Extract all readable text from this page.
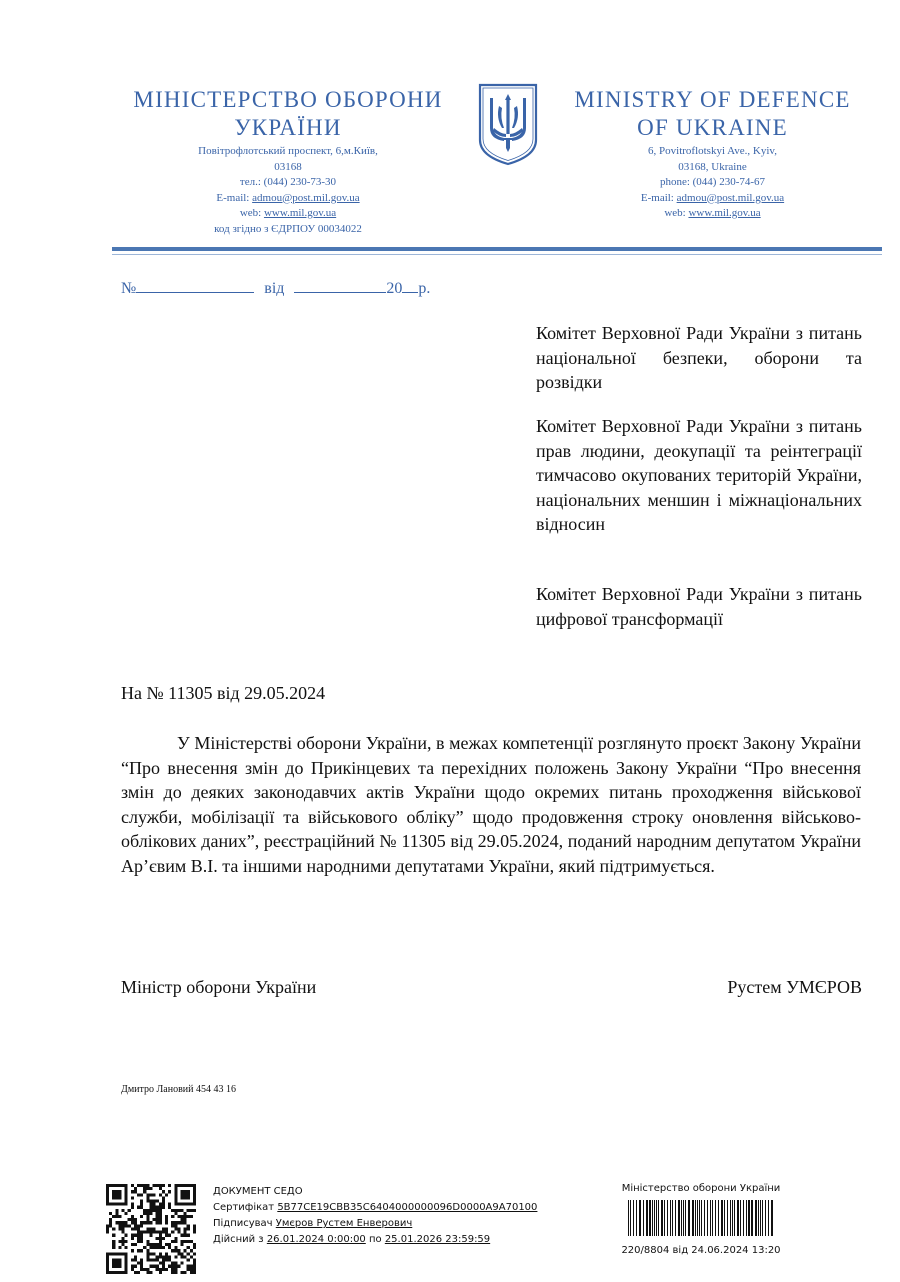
МІНІСТЕРСТВО ОБОРОНИ
УКРАЇНИ
Повітрофлотський проспект, 6,м.Київ,
03168
тел.: (044) 230-73-30
E-mail: admou@post.mil.gov.ua
web: www.mil.gov.ua
код згідно з ЄДРПОУ 00034022
MINISTRY OF DEFENCE
OF UKRAINE
6, Povitroflotskyi Ave., Kyiv,
03168, Ukraine
phone: (044) 230-74-67
E-mail: admou@post.mil.gov.ua
web: www.mil.gov.ua
№	від	20 р.
Комітет Верховної Ради України з питань національної безпеки, оборони та розвідки
Комітет Верховної Ради України з питань прав людини, деокупації та реінтеграції тимчасово окупованих територій України, національних меншин і міжнаціональних відносин
Комітет Верховної Ради України з питань цифрової трансформації
На № 11305 від 29.05.2024
У Міністерстві оборони України, в межах компетенції розглянуто проєкт Закону України “Про внесення змін до Прикінцевих та перехідних положень Закону України “Про внесення змін до деяких законодавчих актів України щодо окремих питань проходження військової служби, мобілізації та військового обліку” щодо продовження строку оновлення військово-облікових даних”, реєстраційний № 11305 від 29.05.2024, поданий народним депутатом України Ар’євим В.І. та іншими народними депутатами України, який підтримується.
Міністр оборони України	Рустем УМЄРОВ
Дмитро Лановий 454 43 16
ДОКУМЕНТ СЕДО
Сертифікат 5B77CE19CBB35C6404000000096D0000A9A70100
Підписувач Умєров Рустем Енверович
Дійсний з 26.01.2024 0:00:00 по 25.01.2026 23:59:59
Міністерство оборони України
220/8804 від 24.06.2024 13:20
